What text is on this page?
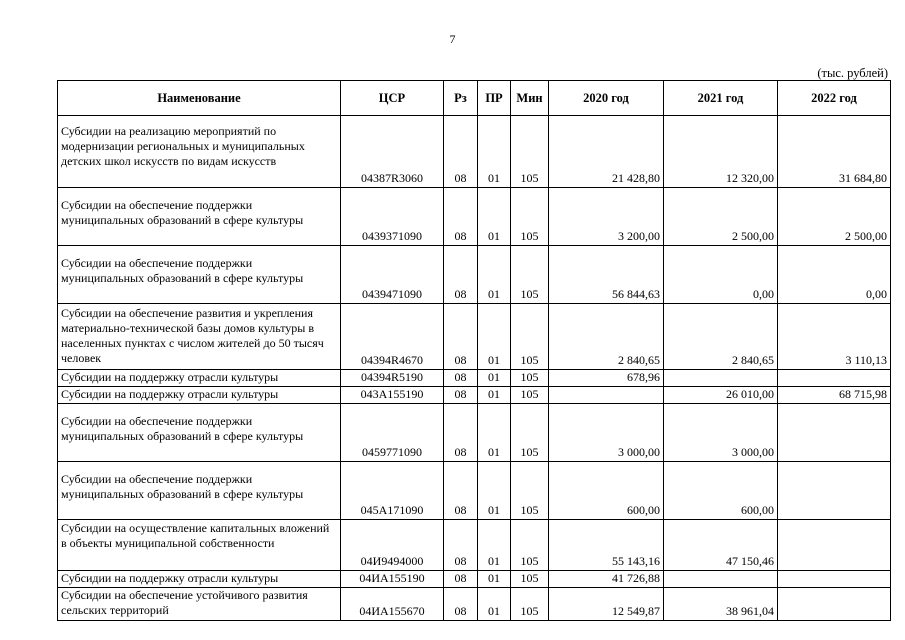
7
(тыс. рублей)
Наименование	ЦСР	Рз	ПР	Мин	2020 год	2021 год	2022 год
Субсидии на реализацию мероприятий по модернизации региональных и муниципальных детских школ искусств по видам искусств	04387R3060	08	01	105	21 428,80	12 320,00	31 684,80
Субсидии на обеспечение поддержки муниципальных образований в сфере культуры	0439371090	08	01	105	3 200,00	2 500,00	2 500,00
Субсидии на обеспечение поддержки муниципальных образований в сфере культуры	0439471090	08	01	105	56 844,63	0,00	0,00
Субсидии на обеспечение развития и укрепления материально-технической базы домов культуры в населенных пунктах с числом жителей до 50 тысяч человек	04394R4670	08	01	105	2 840,65	2 840,65	3 110,13
Субсидии на поддержку отрасли культуры	04394R5190	08	01	105	678,96		
Субсидии на поддержку отрасли культуры	043A155190	08	01	105		26 010,00	68 715,98
Субсидии на обеспечение поддержки муниципальных образований в сфере культуры	0459771090	08	01	105	3 000,00	3 000,00	
Субсидии на обеспечение поддержки муниципальных образований в сфере культуры	045A171090	08	01	105	600,00	600,00	
Субсидии на осуществление капитальных вложений в объекты муниципальной собственности	04И9494000	08	01	105	55 143,16	47 150,46	
Субсидии на поддержку отрасли культуры	04ИА155190	08	01	105	41 726,88		
Субсидии на обеспечение устойчивого развития сельских территорий	04ИА155670	08	01	105	12 549,87	38 961,04	
